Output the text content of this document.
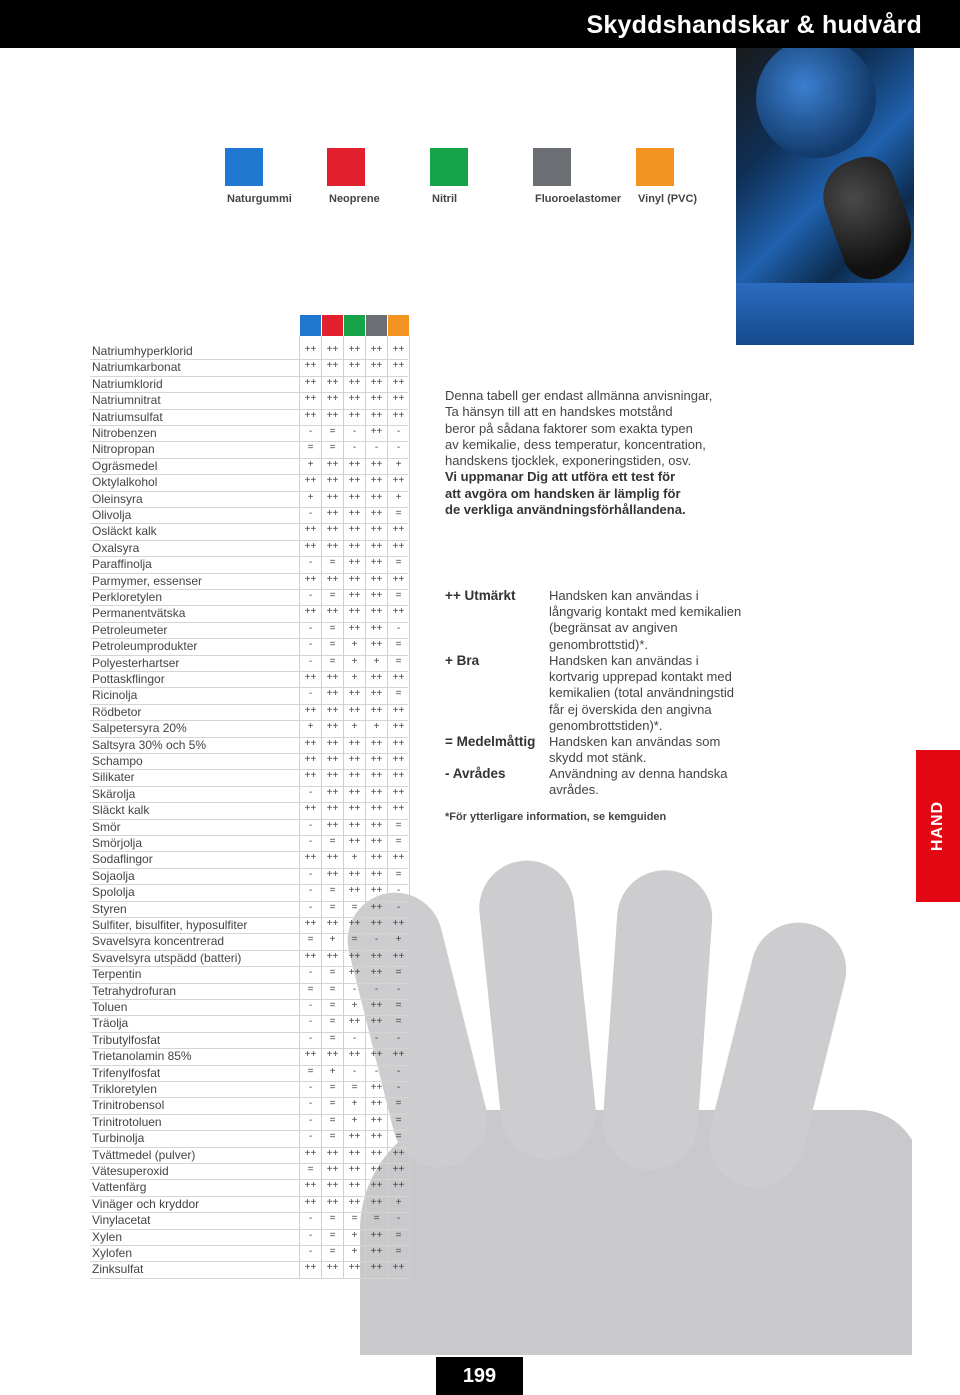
Skyddshandskar & hudvård
Naturgummi	Neoprene	Nitril	Fluoroelastomer Vinyl (PVC)
Natriumhyperklorid	++	++	++	++	++
Natriumkarbonat	++	++	++	++	++
Natriumklorid	++	++	++	++	++
Natriumnitrat	++	++	++	++	++
Natriumsulfat	++	++	++	++	++
Nitrobenzen	-	=	-	++	-
Nitropropan	=	=	-	-	-
Ogräsmedel	+	++	++	++	+
Oktylalkohol	++	++	++	++	++
Oleinsyra	+	++	++	++	+
Olivolja	-	++	++	++	=
Osläckt kalk	++	++	++	++	++
Oxalsyra	++	++	++	++	++
Paraffinolja	-	=	++	++	=
Parmymer, essenser	++	++	++	++	++
Perkloretylen	-	=	++	++	=
Permanentvätska	++	++	++	++	++
Petroleumeter	-	=	++	++	-
Petroleumprodukter	-	=	+	++	=
Polyesterhartser	-	=	+	+	=
Pottaskflingor	++	++	+	++	++
Ricinolja	-	++	++	++	=
Rödbetor	++	++	++	++	++
Salpetersyra 20%	+	++	+	+	++
Saltsyra 30% och 5%	++	++	++	++	++
Schampo	++	++	++	++	++
Silikater	++	++	++	++	++
Skärolja	-	++	++	++	++
Släckt kalk	++	++	++	++	++
Smör	-	++	++	++	=
Smörjolja	-	=	++	++	=
Sodaflingor	++	++	+	++	++
Sojaolja	-	++	++	++	=
Spololja	-	=	++	++	-
Styren	-	=	=	++	-
Sulfiter, bisulfiter, hyposulfiter	++	++	++	++	++
Svavelsyra koncentrerad	=	+	=	-	+
Svavelsyra utspädd (batteri)	++	++	++	++	++
Terpentin	-	=	++	++	=
Tetrahydrofuran	=	=	-	-	-
Toluen	-	=	+	++	=
Träolja	-	=	++	++	=
Tributylfosfat	-	=	-	-	-
Trietanolamin 85%	++	++	++	++	++
Trifenylfosfat	=	+	-	-	-
Trikloretylen	-	=	=	++	-
Trinitrobensol	-	=	+	++	=
Trinitrotoluen	-	=	+	++	=
Turbinolja	-	=	++	++	=
Tvättmedel (pulver)	++	++	++	++	++
Vätesuperoxid	=	++	++	++	++
Vattenfärg	++	++	++	++	++
Vinäger och kryddor	++	++	++	++	+
Vinylacetat	-	=	=	=	-
Xylen	-	=	+	++	=
Xylofen	-	=	+	++	=
Zinksulfat	++	++	++	++	++
Denna tabell ger endast allmänna anvisningar,
Ta hänsyn till att en handskes motstånd
beror på sådana faktorer som exakta typen
av kemikalie, dess temperatur, koncentration,
handskens tjocklek, exponeringstiden, osv.
Vi uppmanar Dig att utföra ett test för
att avgöra om handsken är lämplig för
de verkliga användningsförhållandena.
++ Utmärkt	Handsken kan användas i
långvarig kontakt med kemikalien
(begränsat av angiven
genombrottstid)*.
+ Bra	Handsken kan användas i
kortvarig upprepad kontakt med
kemikalien (total användningstid
får ej överskida den angivna
genombrottstiden)*.
= Medelmåttig Handsken kan användas som
skydd mot stänk.
- Avrådes	Användning av denna handska
avrådes.
*För ytterligare information, se kemguiden	HAND
199
